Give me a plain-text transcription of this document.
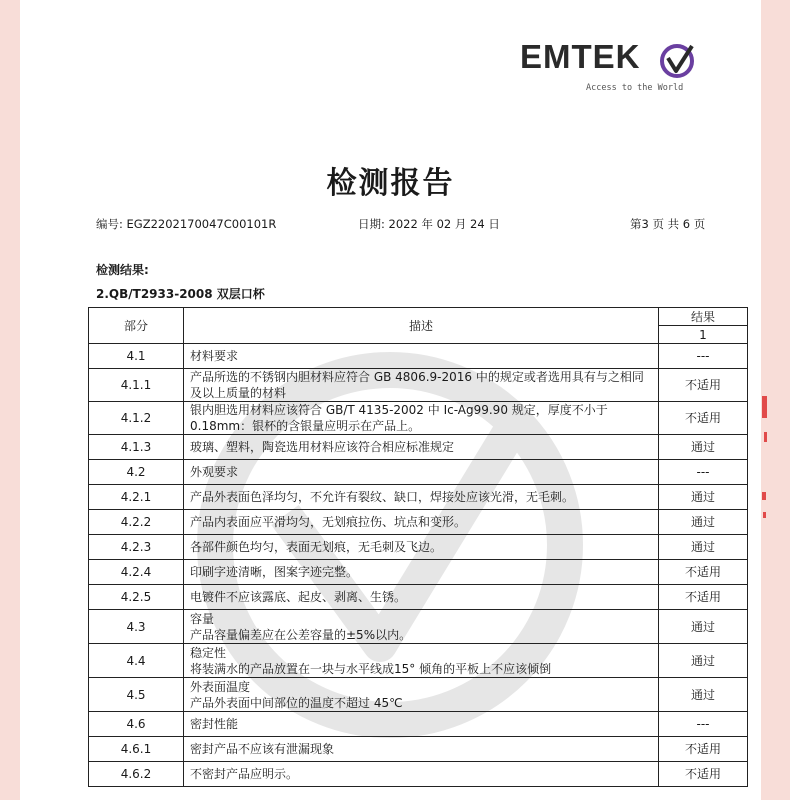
EMTEK
Access to the World
检测报告
编号: EGZ2202170047C00101R	日期: 2022 年 02 月 24 日	第3 页 共 6 页
检测结果:
2.QB/T2933-2008 双层口杯
部分	描述	结果
		1
4.1	材料要求	---
4.1.1	产品所选的不锈钢内胆材料应符合 GB 4806.9-2016 中的规定或者选用具有与之相同及以上质量的材料	不适用
4.1.2	银内胆选用材料应该符合 GB/T 4135-2002 中 Ic-Ag99.90 规定，厚度不小于0.18mm：银杯的含银量应明示在产品上。	不适用
4.1.3	玻璃、塑料，陶瓷选用材料应该符合相应标准规定	通过
4.2	外观要求	---
4.2.1	产品外表面色泽均匀，不允许有裂纹、缺口，焊接处应该光滑，无毛刺。	通过
4.2.2	产品内表面应平滑均匀，无划痕拉伤、坑点和变形。	通过
4.2.3	各部件颜色均匀，表面无划痕，无毛刺及飞边。	通过
4.2.4	印刷字迹清晰，图案字迹完整。	不适用
4.2.5	电镀件不应该露底、起皮、剥离、生锈。	不适用
4.3	容量
产品容量偏差应在公差容量的±5%以内。	通过
4.4	稳定性
将装满水的产品放置在一块与水平线成15° 倾角的平板上不应该倾倒	通过
4.5	外表面温度
产品外表面中间部位的温度不超过 45℃	通过
4.6	密封性能	---
4.6.1	密封产品不应该有泄漏现象	不适用
4.6.2	不密封产品应明示。	不适用
